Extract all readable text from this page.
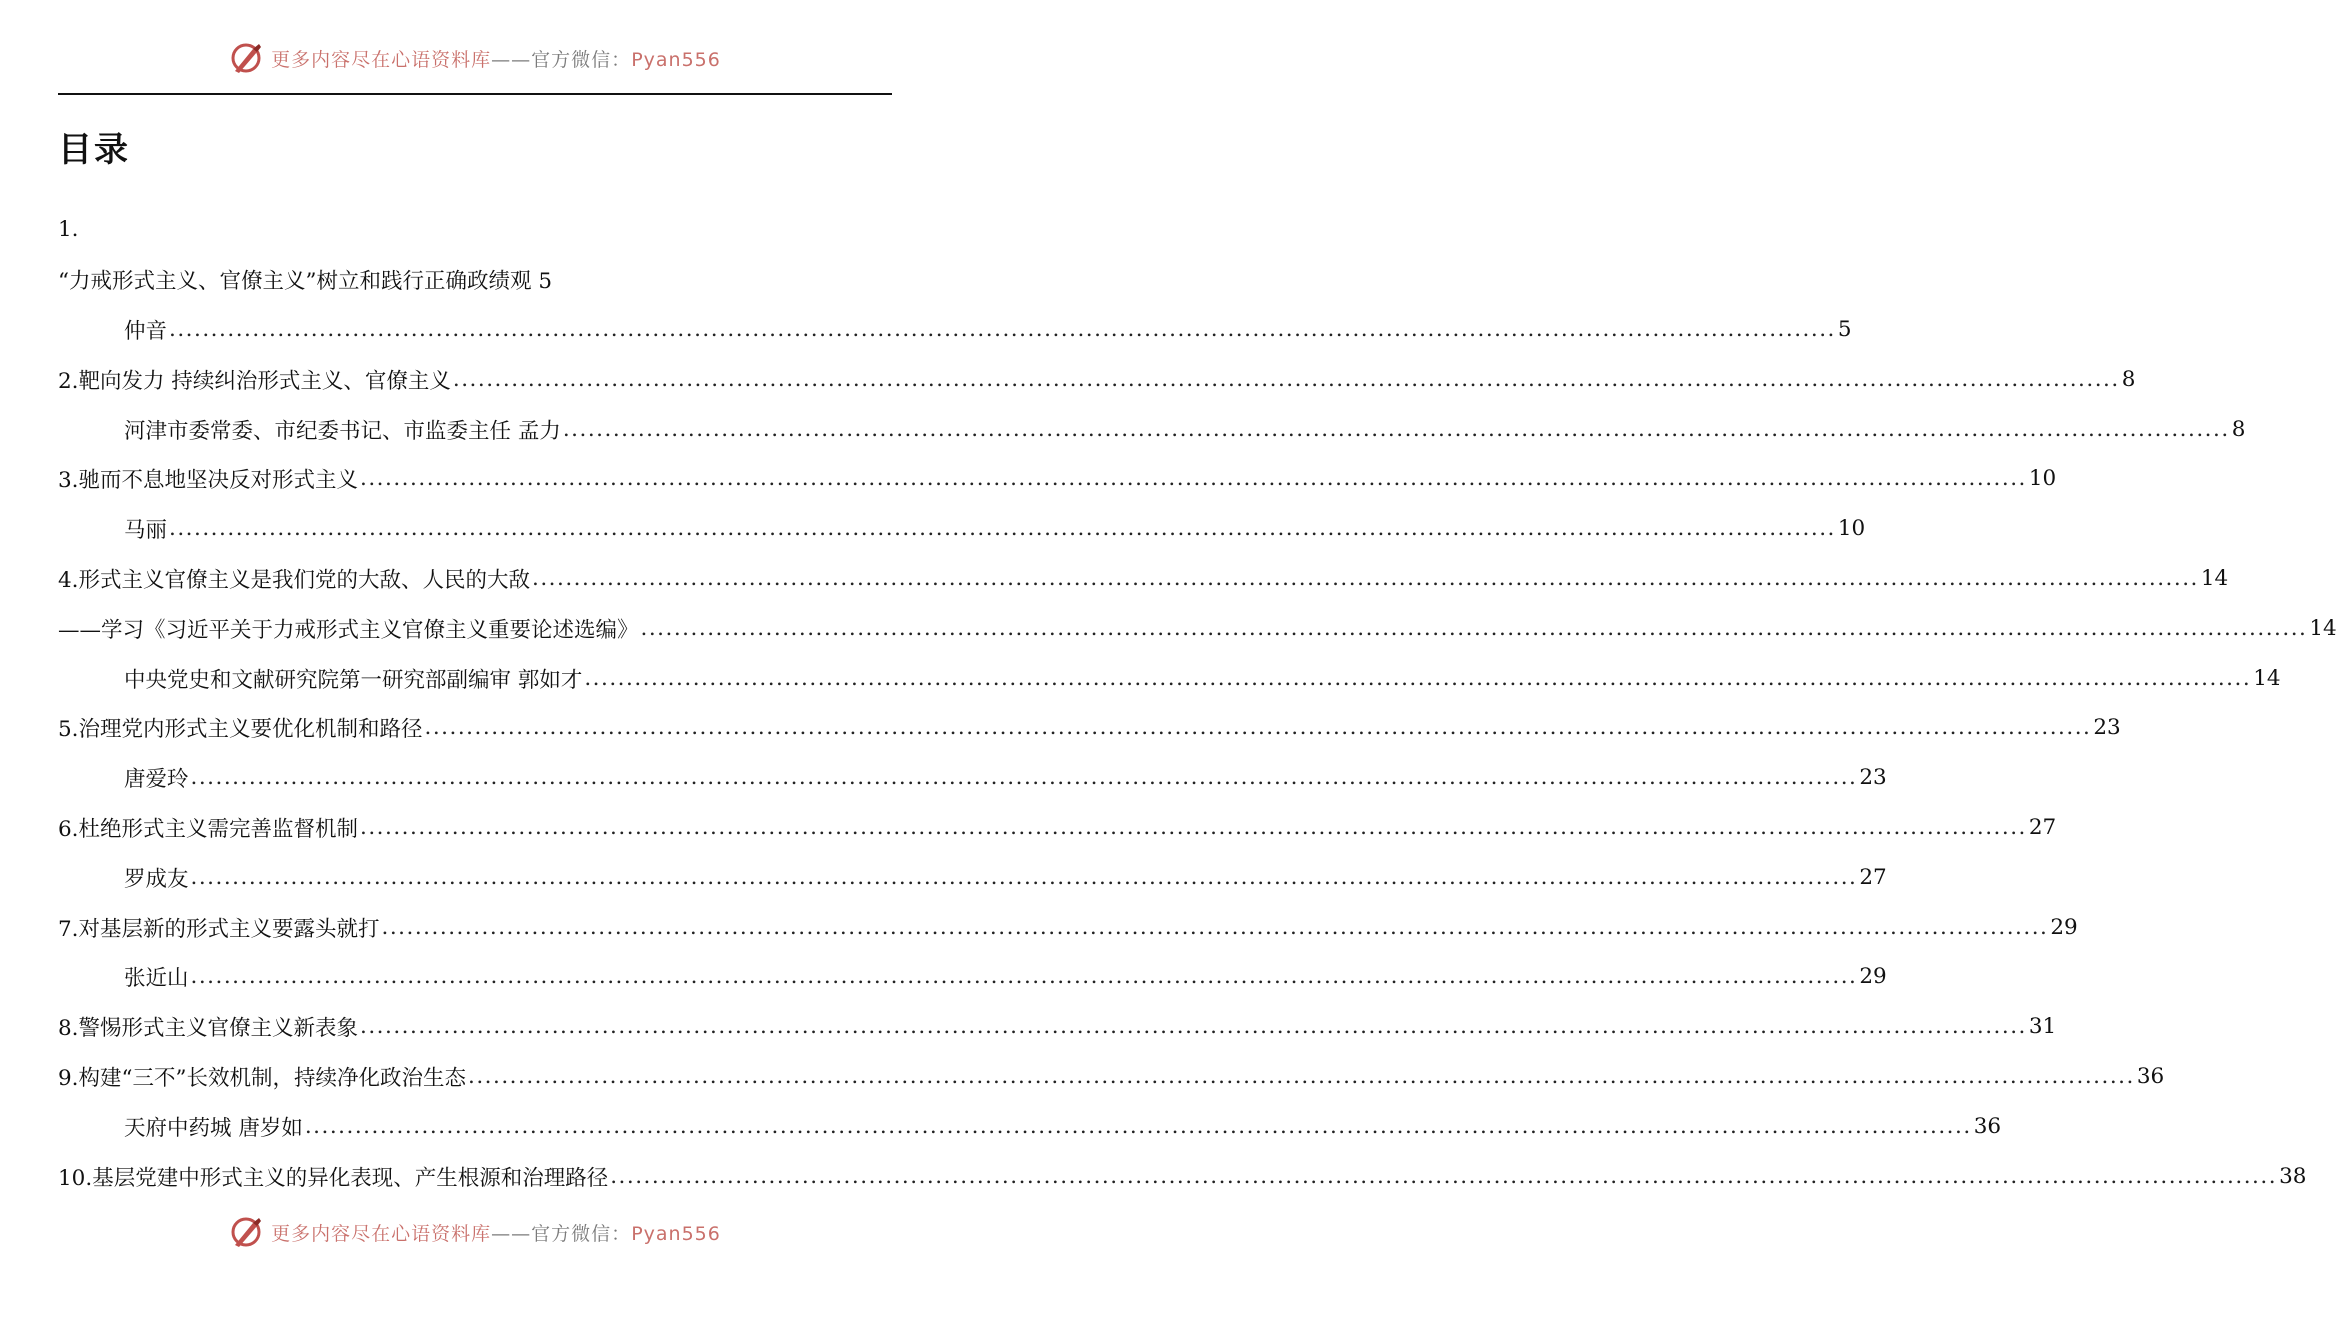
更多内容尽在心语资料库——官方微信：Pyan556
目录
1.
“力戒形式主义、官僚主义”树立和践行正确政绩观 5
仲音 ........................................................................................................................................................................................................ 5
2.靶向发力 持续纠治形式主义、官僚主义 ........................................................................................................................................................................................................ 8
河津市委常委、市纪委书记、市监委主任 孟力 ........................................................................................................................................................................................................ 8
3.驰而不息地坚决反对形式主义 ........................................................................................................................................................................................................ 10
马丽 ........................................................................................................................................................................................................ 10
4.形式主义官僚主义是我们党的大敌、人民的大敌 ........................................................................................................................................................................................................ 14
——学习《习近平关于力戒形式主义官僚主义重要论述选编》 ........................................................................................................................................................................................................ 14
中央党史和文献研究院第一研究部副编审 郭如才 ........................................................................................................................................................................................................ 14
5.治理党内形式主义要优化机制和路径 ........................................................................................................................................................................................................ 23
唐爱玲 ........................................................................................................................................................................................................ 23
6.杜绝形式主义需完善监督机制 ........................................................................................................................................................................................................ 27
罗成友 ........................................................................................................................................................................................................ 27
7.对基层新的形式主义要露头就打 ........................................................................................................................................................................................................ 29
张近山 ........................................................................................................................................................................................................ 29
8.警惕形式主义官僚主义新表象 ........................................................................................................................................................................................................ 31
9.构建“三不”长效机制，持续净化政治生态 ........................................................................................................................................................................................................ 36
天府中药城 唐岁如 ........................................................................................................................................................................................................ 36
10.基层党建中形式主义的异化表现、产生根源和治理路径 ........................................................................................................................................................................................................ 38
更多内容尽在心语资料库——官方微信：Pyan556
